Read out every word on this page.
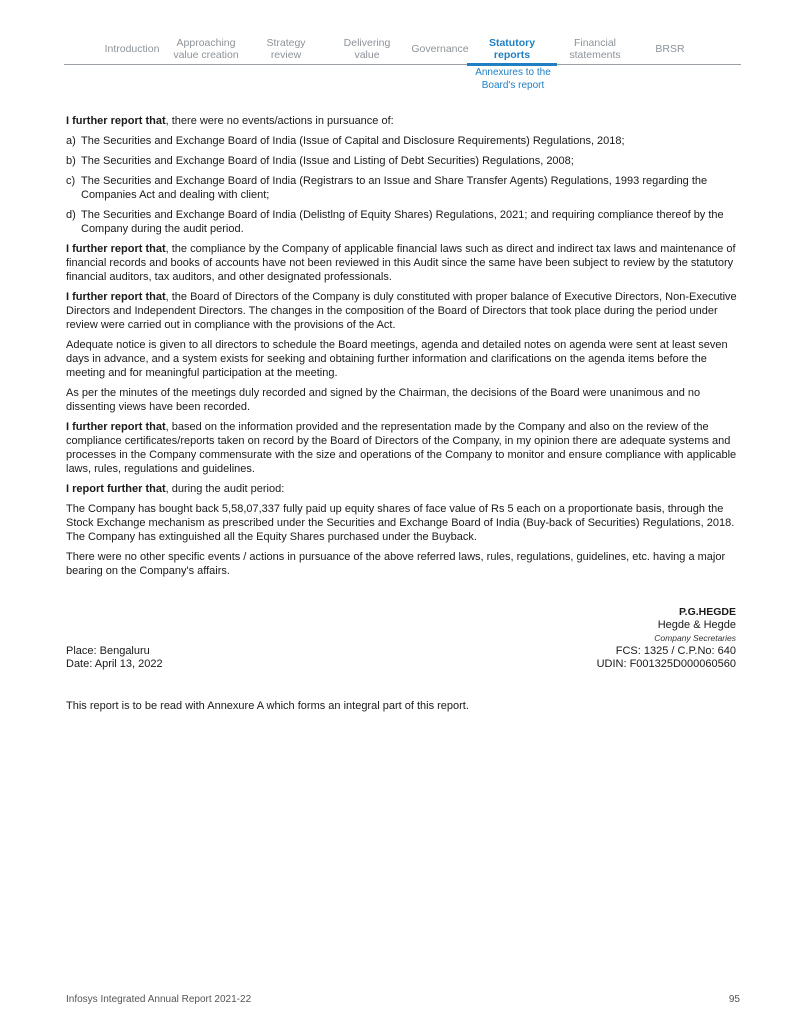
Introduction	Approaching
value creation
Strategy
review
Delivering
value	Governance	Statutory
reports
Financial
statements	BRSR
Annexures to the
Board's report

I further report that, there were no events/actions in pursuance of:

a) The Securities and Exchange Board of India (Issue of Capital and Disclosure Requirements) Regulations, 2018;
b) The Securities and Exchange Board of India (Issue and Listing of Debt Securities) Regulations, 2008;
c) The Securities and Exchange Board of India (Registrars to an Issue and Share Transfer Agents) Regulations, 1993 regarding the Companies Act and dealing with client;
d) The Securities and Exchange Board of India (Delistlng of Equity Shares) Regulations, 2021; and requiring compliance thereof by the Company during the audit period.

I further report that, the compliance by the Company of applicable financial laws such as direct and indirect tax laws and maintenance of financial records and books of accounts have not been reviewed in this Audit since the same have been subject to review by the statutory financial auditors, tax auditors, and other designated professionals.

I further report that, the Board of Directors of the Company is duly constituted with proper balance of Executive Directors, Non-Executive Directors and Independent Directors. The changes in the composition of the Board of Directors that took place during the period under review were carried out in compliance with the provisions of the Act.

Adequate notice is given to all directors to schedule the Board meetings, agenda and detailed notes on agenda were sent at least seven days in advance, and a system exists for seeking and obtaining further information and clarifications on the agenda items before the meeting and for meaningful participation at the meeting.

As per the minutes of the meetings duly recorded and signed by the Chairman, the decisions of the Board were unanimous and no dissenting views have been recorded.

I further report that, based on the information provided and the representation made by the Company and also on the review of the compliance certificates/reports taken on record by the Board of Directors of the Company, in my opinion there are adequate systems and processes in the Company commensurate with the size and operations of the Company to monitor and ensure compliance with applicable laws, rules, regulations and guidelines.

I report further that, during the audit period:

The Company has bought back 5,58,07,337 fully paid up equity shares of face value of Rs 5 each on a proportionate basis, through the Stock Exchange mechanism as prescribed under the Securities and Exchange Board of India (Buy-back of Securities) Regulations, 2018. The Company has extinguished all the Equity Shares purchased under the Buyback.

There were no other specific events / actions in pursuance of the above referred laws, rules, regulations, guidelines, etc. having a major bearing on the Company's affairs.

P.G.HEGDE
Hegde & Hegde
Company Secretaries
Place: Bengaluru	FCS: 1325 / C.P.No: 640
Date: April 13, 2022	UDIN: F001325D000060560
This report is to be read with Annexure A which forms an integral part of this report.
Infosys Integrated Annual Report 2021-22	95
